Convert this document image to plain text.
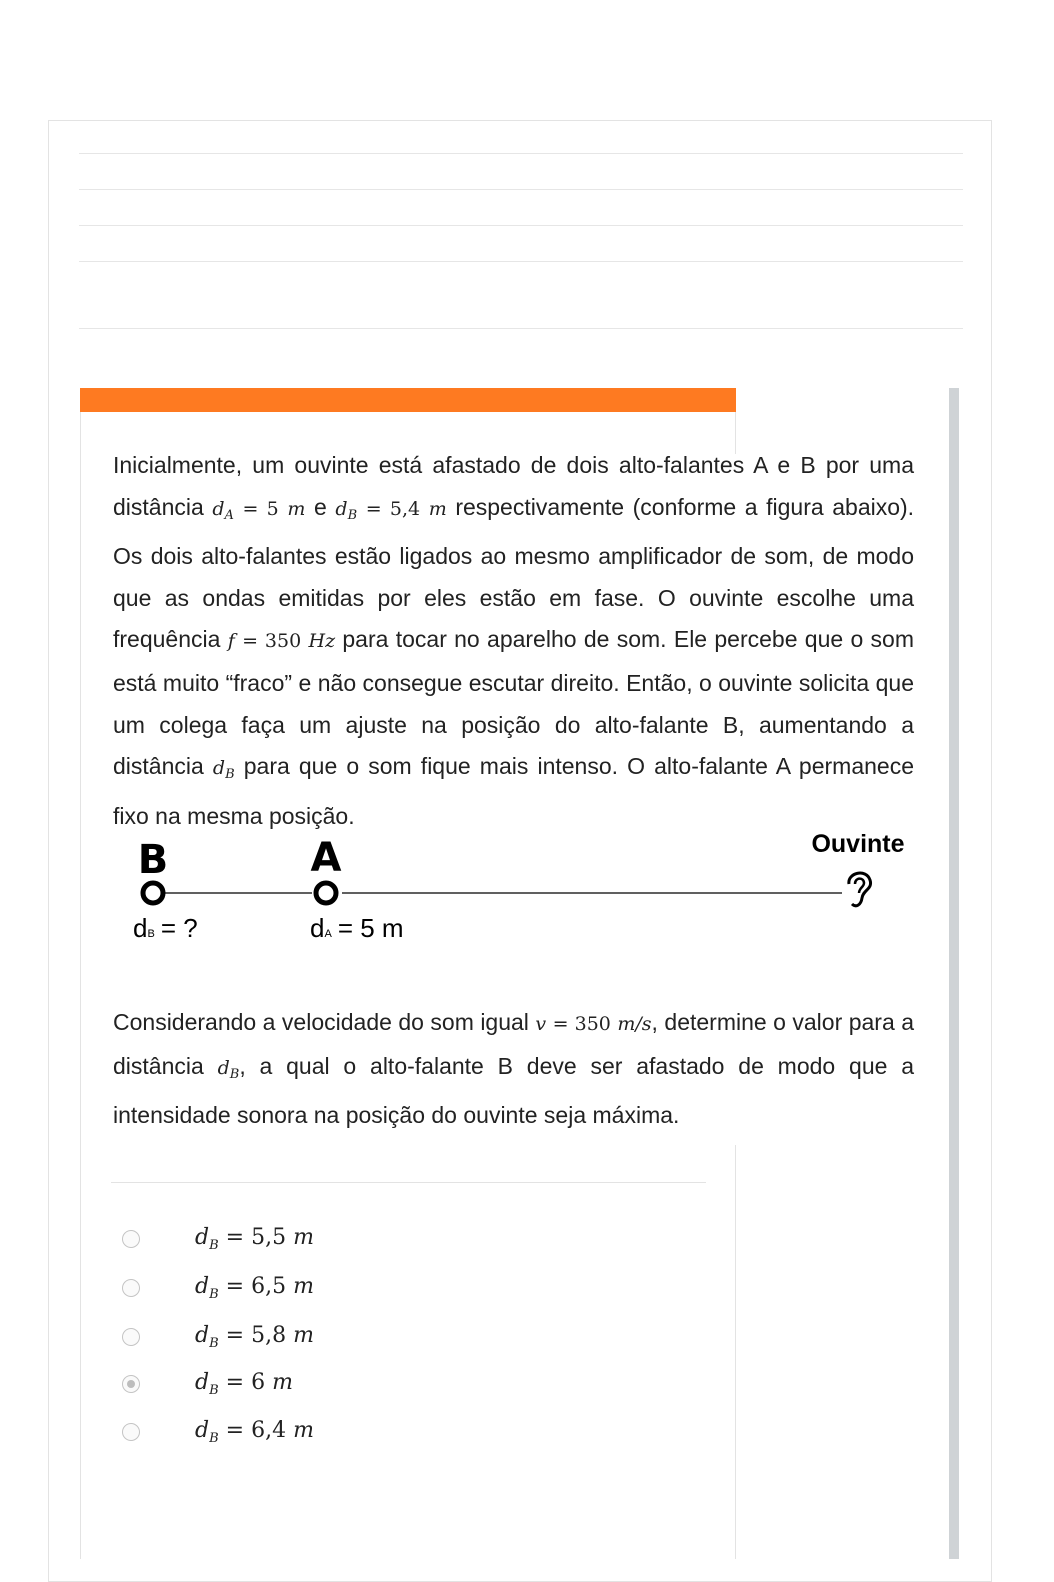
Inicialmente, um ouvinte está afastado de dois alto-falantes A e B por uma distância $d_A = 5$ m e $d_B = 5,4$ m respectivamente (conforme a figura abaixo). Os dois alto-falantes estão ligados ao mesmo amplificador de som, de modo que as ondas emitidas por eles estão em fase. O ouvinte escolhe uma frequência f = 350 Hz para tocar no aparelho de som. Ele percebe que o som está muito “fraco” e não consegue escutar direito. Então, o ouvinte solicita que um colega faça um ajuste na posição do alto-falante B, aumentando a distância $d_B$ para que o som fique mais intenso. O alto-falante A permanece fixo na mesma posição.

B	A	Ouvinte
dB = ?	dA = 5 m

Considerando a velocidade do som igual v = 350 m/s, determine o valor para a distância $d_B$, a qual o alto-falante B deve ser afastado de modo que a intensidade sonora na posição do ouvinte seja máxima.

$d_B = 5,5$ m
$d_B = 6,5$ m
$d_B = 5,8$ m
$d_B = 6$ m
$d_B = 6,4$ m
